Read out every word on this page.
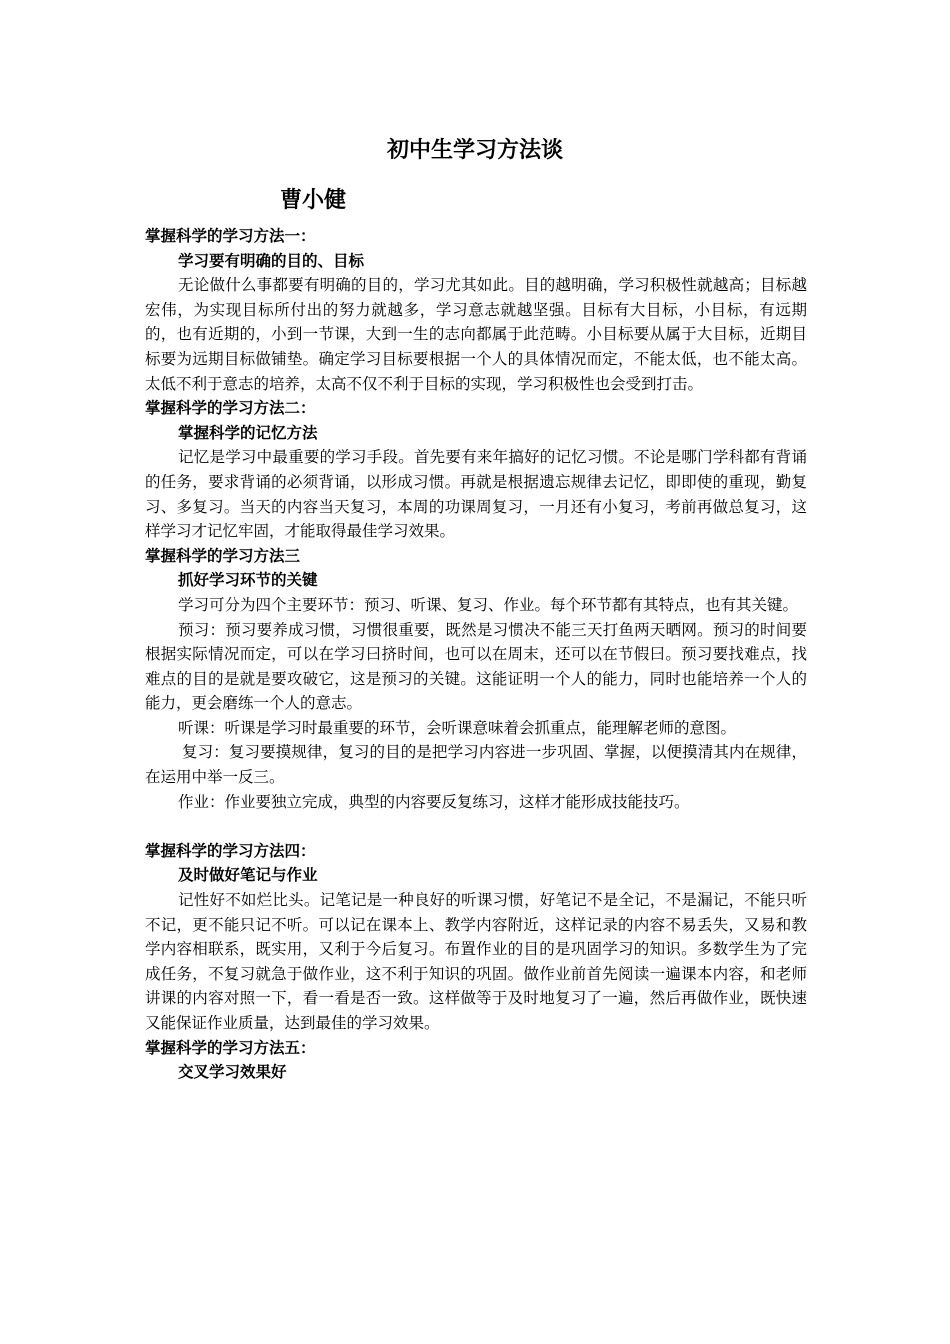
初中生学习方法谈
曹小健

掌握科学的学习方法一：

学习要有明确的目的、目标

无论做什么事都要有明确的目的，学习尤其如此。目的越明确，学习积极性就越高；目标越宏伟，为实现目标所付出的努力就越多，学习意志就越坚强。目标有大目标，小目标，有远期的，也有近期的，小到一节课，大到一生的志向都属于此范畴。小目标要从属于大目标，近期目标要为远期目标做铺垫。确定学习目标要根据一个人的具体情况而定，不能太低，也不能太高。太低不利于意志的培养，太高不仅不利于目标的实现，学习积极性也会受到打击。

掌握科学的学习方法二：

掌握科学的记忆方法

记忆是学习中最重要的学习手段。首先要有来年搞好的记忆习惯。不论是哪门学科都有背诵的任务，要求背诵的必须背诵，以形成习惯。再就是根据遗忘规律去记忆，即即使的重现，勤复习、多复习。当天的内容当天复习，本周的功课周复习，一月还有小复习，考前再做总复习，这样学习才记忆牢固，才能取得最佳学习效果。

掌握科学的学习方法三

抓好学习环节的关键

学习可分为四个主要环节：预习、听课、复习、作业。每个环节都有其特点，也有其关键。

预习：预习要养成习惯，习惯很重要，既然是习惯决不能三天打鱼两天晒网。预习的时间要根据实际情况而定，可以在学习曰挤时间，也可以在周末，还可以在节假曰。预习要找难点，找难点的目的是就是要攻破它，这是预习的关键。这能证明一个人的能力，同时也能培养一个人的能力，更会磨练一个人的意志。

听课：听课是学习时最重要的环节，会听课意味着会抓重点，能理解老师的意图。

复习：复习要摸规律，复习的目的是把学习内容进一步巩固、掌握，以便摸清其内在规律，在运用中举一反三。

作业：作业要独立完成，典型的内容要反复练习，这样才能形成技能技巧。

掌握科学的学习方法四：

及时做好笔记与作业

记性好不如烂比头。记笔记是一种良好的听课习惯，好笔记不是全记，不是漏记，不能只听不记，更不能只记不听。可以记在课本上、教学内容附近，这样记录的内容不易丢失，又易和教学内容相联系，既实用，又利于今后复习。布置作业的目的是巩固学习的知识。多数学生为了完成任务，不复习就急于做作业，这不利于知识的巩固。做作业前首先阅读一遍课本内容，和老师讲课的内容对照一下，看一看是否一致。这样做等于及时地复习了一遍，然后再做作业，既快速又能保证作业质量，达到最佳的学习效果。

掌握科学的学习方法五：

交叉学习效果好
